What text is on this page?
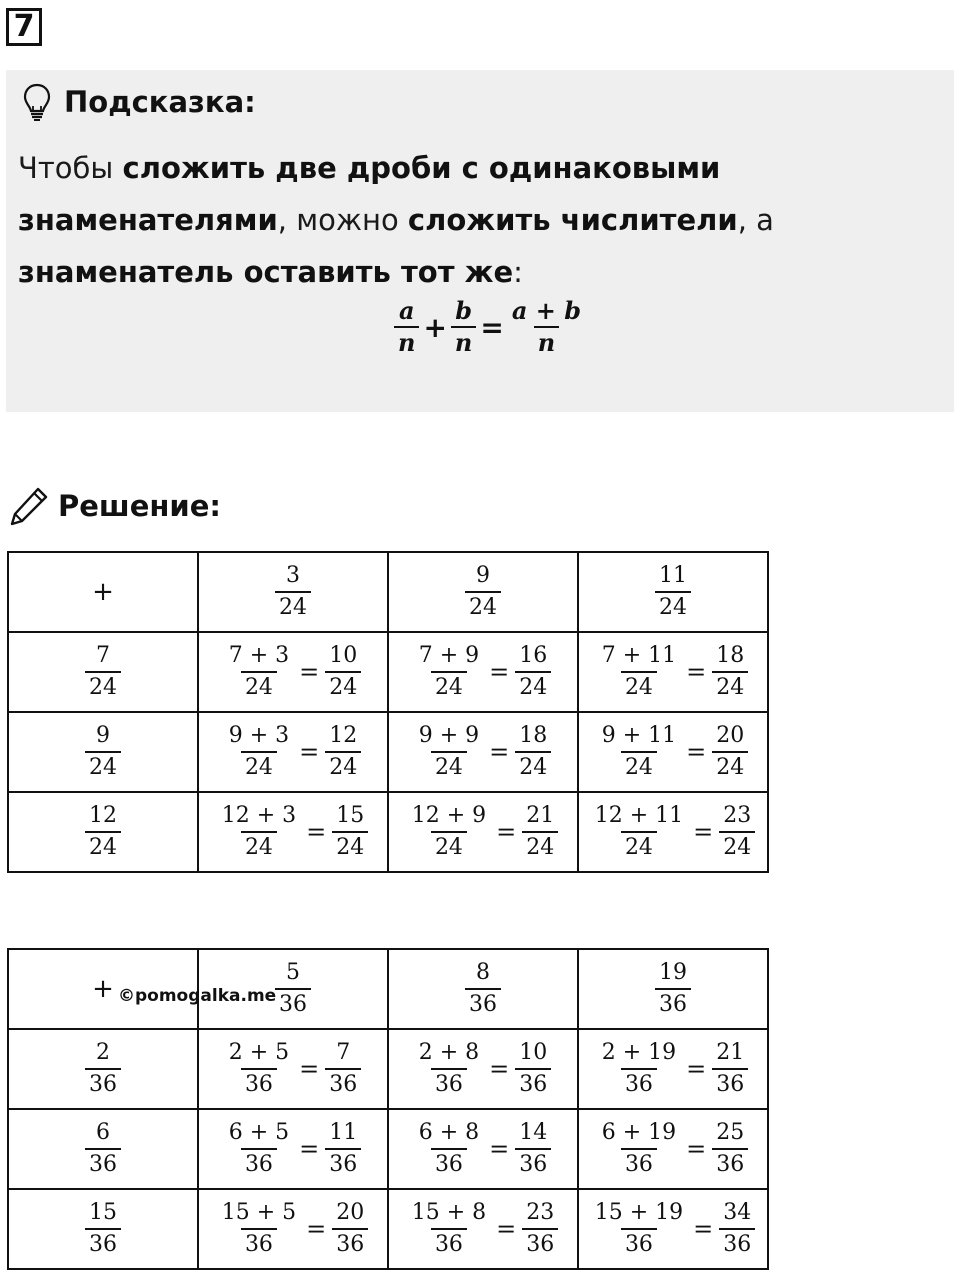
7
Подсказка:
Чтобы сложить две дроби с одинаковыми знаменателями, можно сложить числители, а знаменатель оставить тот же:
$\frac{a}{n} + \frac{b}{n} = \frac{a + b}{n}$
Решение:
+	$\frac{3}{24}$	$\frac{9}{24}$	$\frac{11}{24}$

$\frac{7}{24}$	$\frac{7 + 3}{24} = \frac{10}{24}$	$\frac{7 + 9}{24} = \frac{16}{24}$	$\frac{7 + 11}{24} = \frac{18}{24}$

$\frac{9}{24}$	$\frac{9 + 3}{24} = \frac{12}{24}$	$\frac{9 + 9}{24} = \frac{18}{24}$	$\frac{9 + 11}{24} = \frac{20}{24}$

$\frac{12}{24}$	$\frac{12 + 3}{24} = \frac{15}{24}$	$\frac{12 + 9}{24} = \frac{21}{24}$	$\frac{12 + 11}{24} = \frac{23}{24}$
+	$\frac{5}{36}$	$\frac{8}{36}$	$\frac{19}{36}$

$\frac{2}{36}$	$\frac{2 + 5}{36} = \frac{7}{36}$	$\frac{2 + 8}{36} = \frac{10}{36}$	$\frac{2 + 19}{36} = \frac{21}{36}$

$\frac{6}{36}$	$\frac{6 + 5}{36} = \frac{11}{36}$	$\frac{6 + 8}{36} = \frac{14}{36}$	$\frac{6 + 19}{36} = \frac{25}{36}$

$\frac{15}{36}$	$\frac{15 + 5}{36} = \frac{20}{36}$	$\frac{15 + 8}{36} = \frac{23}{36}$	$\frac{15 + 19}{36} = \frac{34}{36}$
©pomogalka.me
